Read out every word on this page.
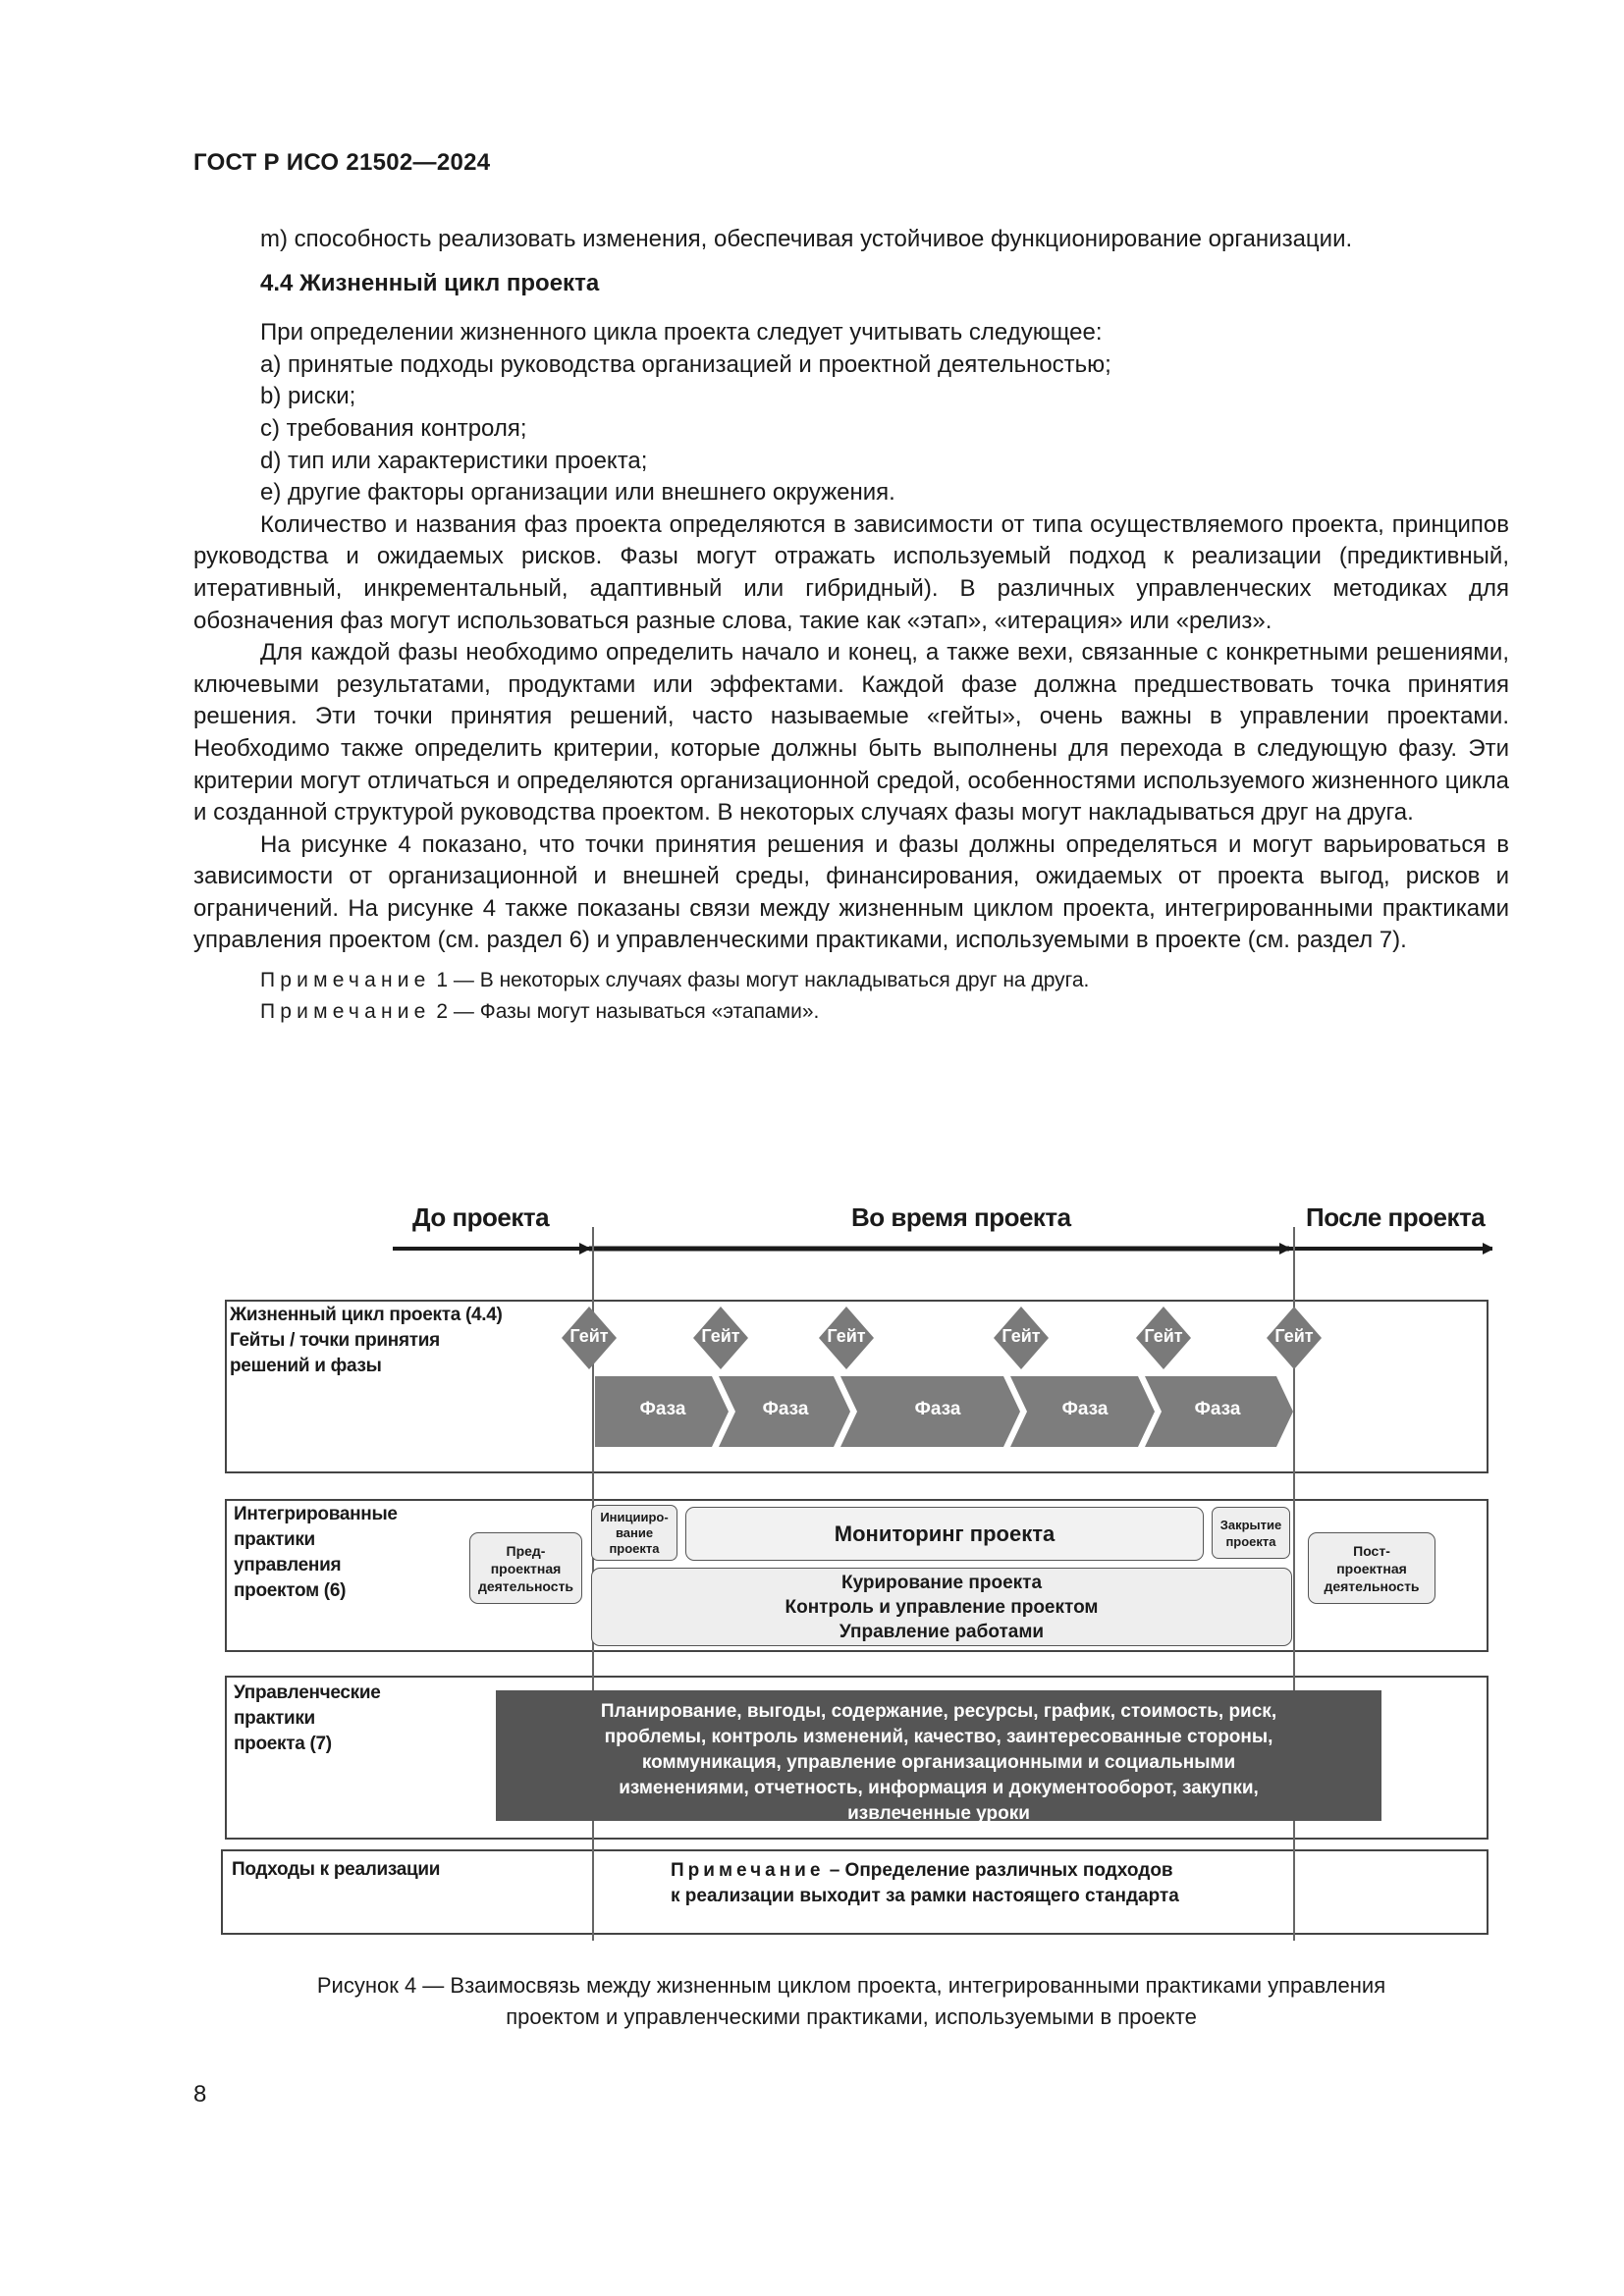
ГОСТ Р ИСО 21502—2024

m) способность реализовать изменения, обеспечивая устойчивое функционирование организации.

4.4 Жизненный цикл проекта

При определении жизненного цикла проекта следует учитывать следующее:

a) принятые подходы руководства организацией и проектной деятельностью;

b) риски;

c) требования контроля;

d) тип или характеристики проекта;

e) другие факторы организации или внешнего окружения.

Количество и названия фаз проекта определяются в зависимости от типа осуществляемого проекта, принципов руководства и ожидаемых рисков. Фазы могут отражать используемый подход к реализации (предиктивный, итеративный, инкрементальный, адаптивный или гибридный). В различных управленческих методиках для обозначения фаз могут использоваться разные слова, такие как «этап», «итерация» или «релиз».

Для каждой фазы необходимо определить начало и конец, а также вехи, связанные с конкретными решениями, ключевыми результатами, продуктами или эффектами. Каждой фазе должна предшествовать точка принятия решения. Эти точки принятия решений, часто называемые «гейты», очень важны в управлении проектами. Необходимо также определить критерии, которые должны быть выполнены для перехода в следующую фазу. Эти критерии могут отличаться и определяются организационной средой, особенностями используемого жизненного цикла и созданной структурой руководства проектом. В некоторых случаях фазы могут накладываться друг на друга.

На рисунке 4 показано, что точки принятия решения и фазы должны определяться и могут варьироваться в зависимости от организационной и внешней среды, финансирования, ожидаемых от проекта выгод, рисков и ограничений. На рисунке 4 также показаны связи между жизненным циклом проекта, интегрированными практиками управления проектом (см. раздел 6) и управленческими практиками, используемыми в проекте (см. раздел 7).

Примечание 1 — В некоторых случаях фазы могут накладываться друг на друга.
Примечание 2 — Фазы могут называться «этапами».
До проекта	Во время проекта	После проекта
Жизненный цикл проекта (4.4)
Гейты / точки принятия
решений и фазы
Гейт	Гейт	Гейт	Гейт	Гейт	Гейт
Фаза	Фаза	Фаза	Фаза	Фаза
Интегрированные
практики
управления
проектом (6)
Пред-
проектная
деятельность
Иницииро-
вание
проекта
Мониторинг проекта	Закрытие
проекта
Пост-
проектная
деятельность
Курирование проекта
Контроль и управление проектом
Управление работами
Управленческие
практики
проекта (7)
Планирование, выгоды, содержание, ресурсы, график, стоимость, риск,
проблемы, контроль изменений, качество, заинтересованные стороны,
коммуникация, управление организационными и социальными
изменениями, отчетность, информация и документооборот, закупки,
извлеченные уроки
Подходы к реализации	Примечание – Определение различных подходов
к реализации выходит за рамки настоящего стандарта
Рисунок 4 — Взаимосвязь между жизненным циклом проекта, интегрированными практиками управления
проектом и управленческими практиками, используемыми в проекте
8
